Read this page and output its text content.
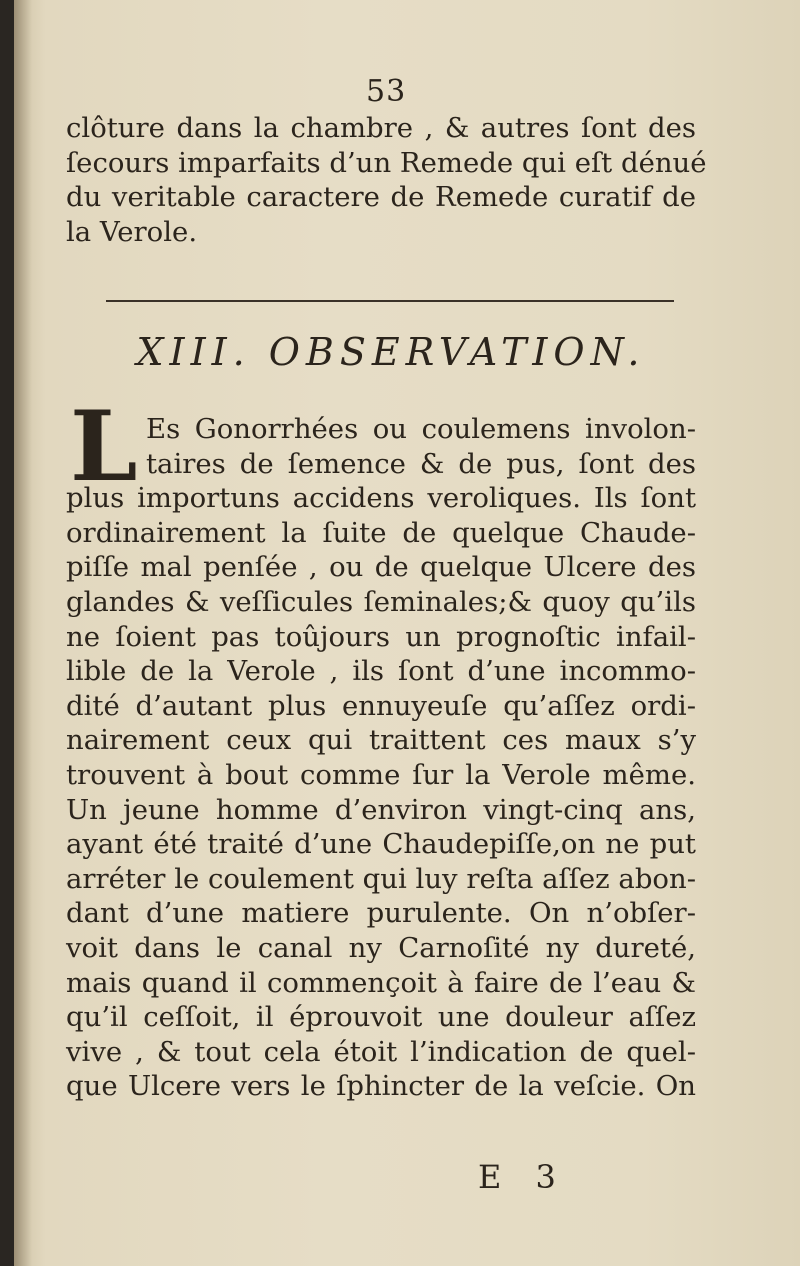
53
clôture dans la chambre , & autres ſont des
ſecours imparfaits d’un Remede qui eſt dénué
du veritable caractere de Remede curatif de
la Verole.
XIII. OBSERVATION.
L Es Gonorrhées ou coulemens involon-
taires de ſemence & de pus, ſont des
plus importuns accidens veroliques. Ils ſont
ordinairement la ſuite de quelque Chaude-
piſſe mal penſée , ou de quelque Ulcere des
glandes & veſſicules ſeminales;& quoy qu’ils
ne ſoient pas toûjours un prognoſtic infail-
lible de la Verole , ils ſont d’une incommo-
dité d’autant plus ennuyeuſe qu’aſſez ordi-
nairement ceux qui traittent ces maux s’y
trouvent à bout comme ſur la Verole même.
Un jeune homme d’environ vingt-cinq ans,
ayant été traité d’une Chaudepiſſe,on ne put
arréter le coulement qui luy reſta aſſez abon-
dant d’une matiere purulente. On n’obſer-
voit dans le canal ny Carnoſité ny dureté,
mais quand il commençoit à faire de l’eau &
qu’il ceſſoit, il éprouvoit une douleur aſſez
vive , & tout cela étoit l’indication de quel-
que Ulcere vers le ſphincter de la veſcie. On
E 3
